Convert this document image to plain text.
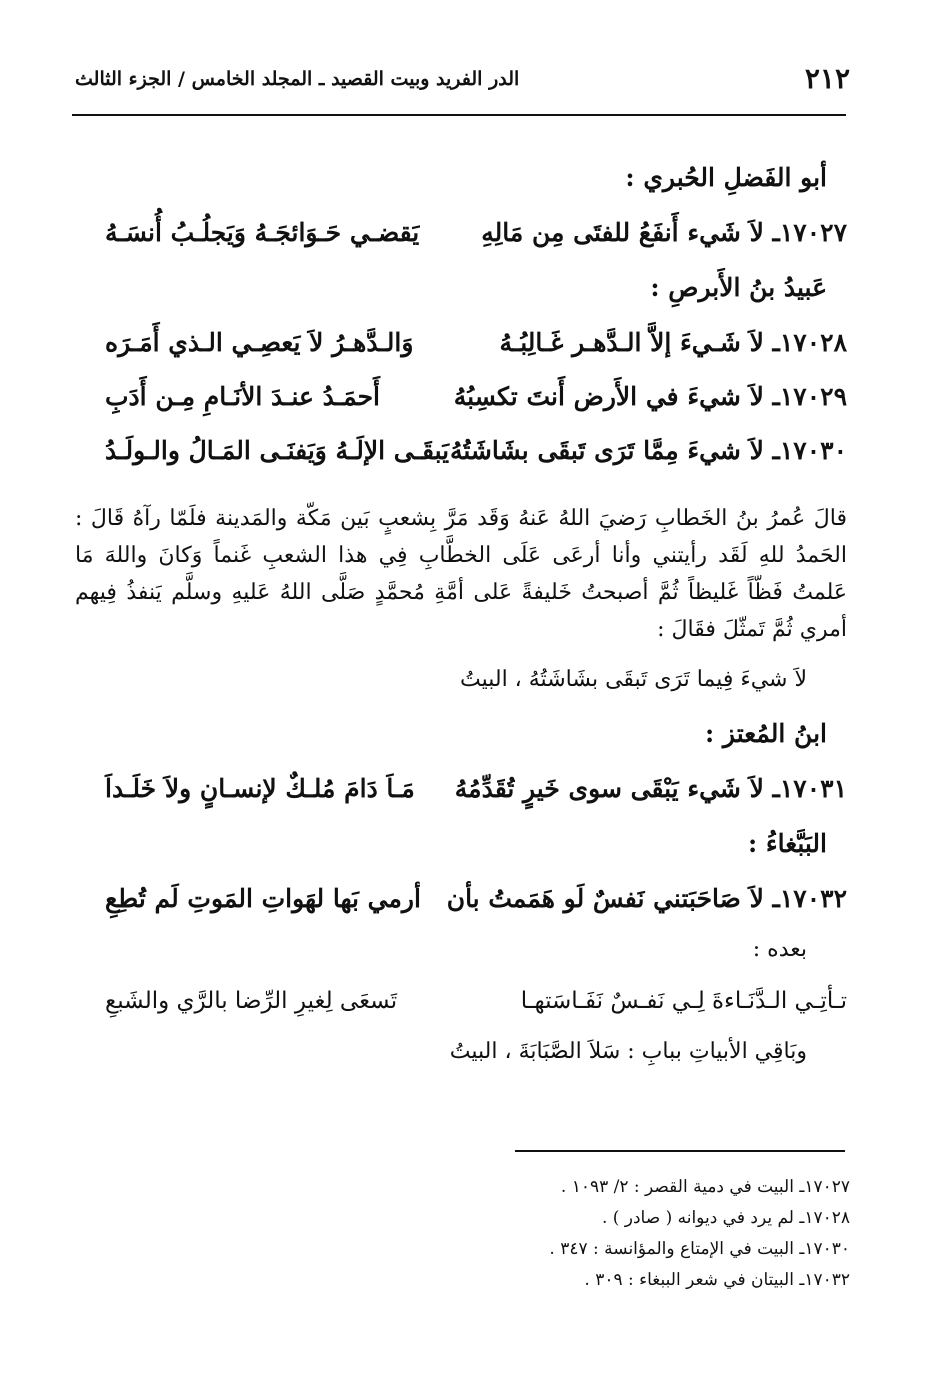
٢١٢
الدر الفريد وبيت القصيد ـ المجلد الخامس / الجزء الثالث
أبو الفَضلِ الحُبري :
١٧٠٢٧ـ لاَ شَيء أَنفَعُ للفتَى مِن مَالِهِ
يَقضـي حَـوَائجَـهُ وَيَجلُـبُ أُنسَـهُ
عَبيدُ بنُ الأَبرصِ :
١٧٠٢٨ـ لاَ شَـيءَ إلاَّ الـدَّهـر غَـالِبُـهُ
وَالـدَّهـرُ لاَ يَعصِـي الـذي أَمَـرَه
١٧٠٢٩ـ لاَ شيءَ في الأَرض أَنتَ تكسِبُهُ
أَحمَـدُ عنـدَ الأنَـامِ مِـن أَدَبِ
١٧٠٣٠ـ لاَ شيءَ مِمَّا تَرَى تَبقَى بشَاشَتُهُ
يَبقَـى الإلَـهُ وَيَفنَـى المَـالُ والـولَـدُ
قالَ عُمرُ بنُ الخَطابِ رَضيَ اللهُ عَنهُ وَقَد مَرَّ بِشعبٍ بَين مَكّة والمَدينة فلَمّا رآهُ قَالَ : الحَمدُ للهِ لَقَد رأيتني وأنا أرعَى عَلَى الخطَّابِ فِي هذا الشعبِ غَنماً وَكانَ واللهَ مَا عَلمتُ فَظّاً غَليظاً ثُمَّ أصبحتُ خَليفةً عَلى أمَّةِ مُحمَّدٍ صَلَّى اللهُ عَليهِ وسلَّم يَنفذُ فِيهم أمري ثُمَّ تَمثّلَ فقَالَ :
لاَ شيءَ فِيما تَرَى تَبقَى بشَاشَتُهُ ، البيتُ
ابنُ المُعتز :
١٧٠٣١ـ لاَ شَيء يَبْقَى سوى خَيرٍ تُقَدِّمُهُ
مَـاَ دَامَ مُلـكٌ لإنسـانٍ ولاَ خَلَـداَ
البَبَّغاءُ :
١٧٠٣٢ـ لاَ صَاحَبَتني نَفسٌ لَو هَمَمتُ بأن
أرمي بَها لهَواتِ المَوتِ لَم تُطِعِ
بعده :
تـأتِـي الـدَّنَـاءةَ لِـي نَفـسٌ نَفَـاسَتهـا
تَسعَى لِغيرِ الرِّضا بالرَّي والشَبعِ
وبَاقِي الأبياتِ ببابِ : سَلاَ الصَّبَابَةَ ، البيتُ
١٧٠٢٧ـ البيت في دمية القصر : ٢/ ١٠٩٣ .
١٧٠٢٨ـ لم يرد في ديوانه ( صادر ) .
١٧٠٣٠ـ البيت في الإمتاع والمؤانسة : ٣٤٧ .
١٧٠٣٢ـ البيتان في شعر الببغاء : ٣٠٩ .
